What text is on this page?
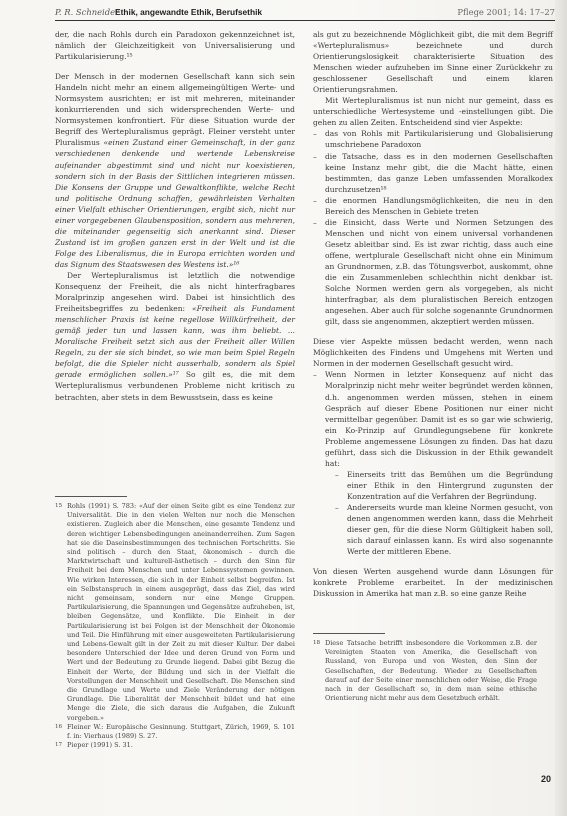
P. R. Schneider
Ethik, angewandte Ethik, Berufsethik	Pflege 2001; 14: 17–27

der, die nach Rohls durch ein Paradoxon gekennzeichnet ist, nämlich der Gleichzeitigkeit von Universalisierung und Partikularisierung.¹⁵

Der Mensch in der modernen Gesellschaft kann sich sein Handeln nicht mehr an einem allgemeingültigen Werte- und Normsystem ausrichten; er ist mit mehreren, miteinander konkurrierenden und sich widersprechenden Werte- und Normsystemen konfrontiert. Für diese Situation wurde der Begriff des Wertepluralismus geprägt. Fleiner versteht unter Pluralismus «einen Zustand einer Gemeinschaft, in der ganz verschiedenen denkende und wertende Lebenskreise aufeinander abgestimmt sind und nicht nur koexistieren, sondern sich in der Basis der Sittlichen integrieren müssen. Die Konsens der Gruppe und Gewaltkonflikte, welche Recht und politische Ordnung schaffen, gewährleisten Verhalten einer Vielfalt ethischer Orientierungen, ergibt sich, nicht nur einer vorgegebenen Glaubensposition, sondern aus mehreren, die miteinander gegenseitig sich anerkannt sind. Dieser Zustand ist im großen ganzen erst in der Welt und ist die Folge des Liberalismus, die in Europa errichten worden und das Signum des Staatswesen des Westens ist.»¹⁶

Der Wertepluralismus ist letztlich die notwendige Konsequenz der Freiheit, die als nicht hinterfragbares Moralprinzip angesehen wird. Dabei ist hinsichtlich des Freiheitsbegriffes zu bedenken: «Freiheit als Fundament menschlicher Praxis ist keine regellose Willkürfreiheit, der gemäß jeder tun und lassen kann, was ihm beliebt. ... Moralische Freiheit setzt sich aus der Freiheit aller Willen Regeln, zu der sie sich bindet, so wie man beim Spiel Regeln befolgt, die die Spieler nicht ausserhalb, sondern als Spiel gerade ermöglichen sollen.»¹⁷ So gilt es, die mit dem Wertepluralismus verbundenen Probleme nicht kritisch zu betrachten, aber stets in dem Bewusstsein, dass es keine

als gut zu bezeichnende Möglichkeit gibt, die mit dem Begriff «Wertepluralismus» bezeichnete und durch Orientierungslosigkeit charakterisierte Situation des Menschen wieder aufzuheben im Sinne einer Zurückkehr zu geschlossener Gesellschaft und einem klaren Orientierungsrahmen.

Mit Wertepluralismus ist nun nicht nur gemeint, dass es unterschiedliche Wertesysteme und -einstellungen gibt. Die gehen zu allen Zeiten. Entscheidend sind vier Aspekte:

– das von Rohls mit Partikularisierung und Globalisierung umschriebene Paradoxon
– die Tatsache, dass es in den modernen Gesellschaften keine Instanz mehr gibt, die die Macht hätte, einen bestimmten, das ganze Leben umfassenden Moralkodex durchzusetzen¹⁸
– die enormen Handlungsmöglichkeiten, die neu in den Bereich des Menschen in Gebiete treten
– die Einsicht, dass Werte und Normen Setzungen des Menschen und nicht von einem universal vorhandenen Gesetz ableitbar sind. Es ist zwar richtig, dass auch eine offene, wertplurale Gesellschaft nicht ohne ein Minimum an Grundnormen, z.B. das Tötungsverbot, auskommt, ohne die ein Zusammenleben schlechthin nicht denkbar ist. Solche Normen werden gern als vorgegeben, als nicht hinterfragbar, als dem pluralistischen Bereich entzogen angesehen. Aber auch für solche sogenannte Grundnormen gilt, dass sie angenommen, akzeptiert werden müssen.

Diese vier Aspekte müssen bedacht werden, wenn nach Möglichkeiten des Findens und Umgehens mit Werten und Normen in der modernen Gesellschaft gesucht wird.

– Wenn Normen in letzter Konsequenz auf nicht das Moralprinzip nicht mehr weiter begründet werden können, d.h. angenommen werden müssen, stehen in einem Gespräch auf dieser Ebene Positionen nur einer nicht vermittelbar gegenüber. Damit ist es so gar wie schwierig, ein Ko-Prinzip auf Grundlegungsebene für konkrete Probleme angemessene Lösungen zu finden. Das hat dazu geführt, dass sich die Diskussion in der Ethik gewandelt hat:
– Einerseits tritt das Bemühen um die Begründung einer Ethik in den Hintergrund zugunsten der Konzentration auf die Verfahren der Begründung.
– Andererseits wurde man kleine Normen gesucht, von denen angenommen werden kann, dass die Mehrheit dieser gen, für die diese Norm Gültigkeit haben soll, sich darauf einlassen kann. Es wird also sogenannte Werte der mittleren Ebene.

Von diesen Werten ausgehend wurde dann Lösungen für konkrete Probleme erarbeitet. In der medizinischen Diskussion in Amerika hat man z.B. so eine ganze Reihe

15 Rohls (1991) S. 783: «Auf der einen Seite gibt es eine Tendenz zur Universalität. Die in den vielen Welten nur noch die Menschen existieren. Zugleich aber die Menschen, eine gesamte Tendenz und deren wichtiger Lebensbedingungen aneinanderreihen. Zum Sagen hat sie die Daseinsbestimmungen des technischen Fortschritts. Sie sind politisch – durch den Staat, ökonomisch – durch die Marktwirtschaft und kulturell-ästhetisch – durch den Sinn für Freiheit bei dem Menschen und unter Lebenssystemen gewinnen. Wie wirken Interessen, die sich in der Einheit selbst begreifen. Ist ein Selbstanspruch in einem ausgeprägt, dass das Ziel, das wird nicht gemeinsam, sondern nur eine Menge Gruppen. Partikularisierung, die Spannungen und Gegensätze aufzuheben, ist, bleiben Gegensätze, und Konflikte. Die Einheit in der Partikularisierung ist bei Folgen ist der Menschheit der Ökonomie und Teil. Die Hinführung mit einer ausgeweiteten Partikularisierung und Lebens-Gewalt gilt in der Zeit zu mit dieser Kultur. Der dabei besondere Unterschied der Idee und deren Grund von Form und Wert und der Bedeutung zu Grunde liegend. Dabei gibt Bezug die Einheit der Werte, der Bildung und sich in der Vielfalt die Vorstellungen der Menschheit und Gesellschaft. Die Menschen sind die Grundlage und Werte und Ziele Veränderung der nötigen Grundlage. Die Liberalität der Menschheit bildet und hat eine Menge die Ziele, die sich daraus die Aufgaben, die Zukunft vorgeben.»

16 Fleiner W.: Europäische Gesinnung. Stuttgart, Zürich, 1969, S. 101 f. in: Vierhaus (1989) S. 27.

17 Pieper (1991) S. 31.

18 Diese Tatsache betrifft insbesondere die Vorkommen z.B. der Vereinigten Staaten von Amerika, die Gesellschaft von Russland, von Europa und von Westen, den Sinn der Gesellschaften, der Bedeutung. Wieder zu Gesellschaften darauf auf der Seite einer menschlichen oder Weise, die Frage nach in der Gesellschaft so, in dem man seine ethische Orientierung nicht mehr aus dem Gesetzbuch erhält.

20
